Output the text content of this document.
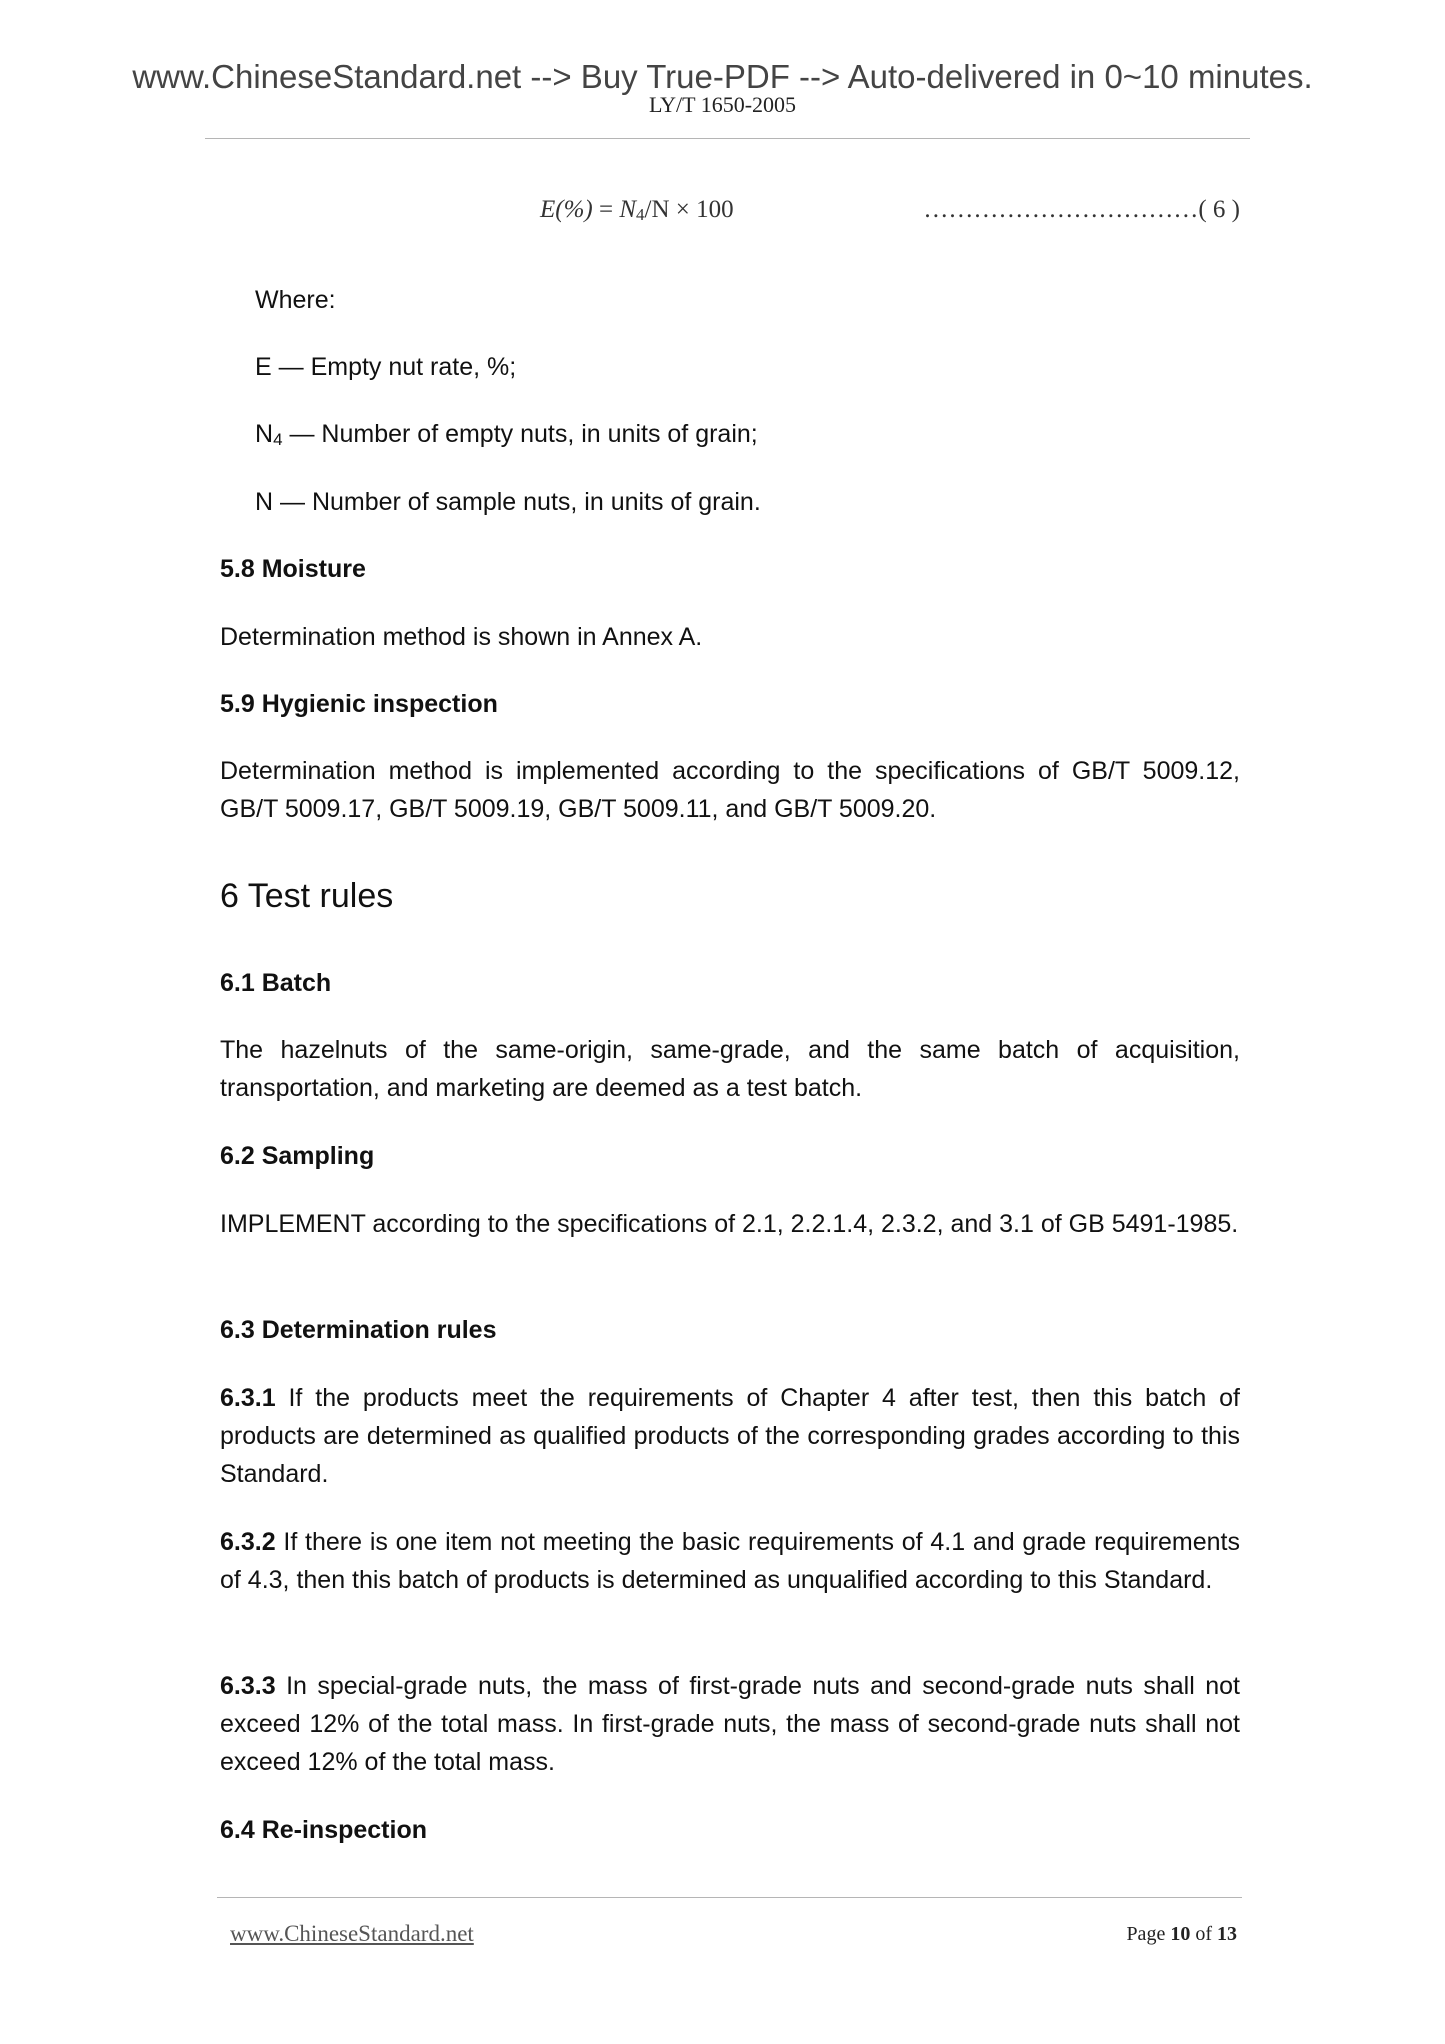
www.ChineseStandard.net --> Buy True-PDF --> Auto-delivered in 0~10 minutes.
LY/T 1650-2005
$E(\%) = N_4/N \times 100$	……………………………( 6 )
Where:
E — Empty nut rate, %;
$N_4$ — Number of empty nuts, in units of grain;
N — Number of sample nuts, in units of grain.
5.8 Moisture
Determination method is shown in Annex A.
5.9 Hygienic inspection
Determination method is implemented according to the specifications of GB/T 5009.12, GB/T 5009.17, GB/T 5009.19, GB/T 5009.11, and GB/T 5009.20.
6 Test rules
6.1 Batch
The hazelnuts of the same-origin, same-grade, and the same batch of acquisition, transportation, and marketing are deemed as a test batch.
6.2 Sampling
IMPLEMENT according to the specifications of 2.1, 2.2.1.4, 2.3.2, and 3.1 of GB 5491-1985.
6.3 Determination rules
6.3.1 If the products meet the requirements of Chapter 4 after test, then this batch of products are determined as qualified products of the corresponding grades according to this Standard.
6.3.2 If there is one item not meeting the basic requirements of 4.1 and grade requirements of 4.3, then this batch of products is determined as unqualified according to this Standard.
6.3.3 In special-grade nuts, the mass of first-grade nuts and second-grade nuts shall not exceed 12% of the total mass. In first-grade nuts, the mass of second-grade nuts shall not exceed 12% of the total mass.
6.4 Re-inspection
www.ChineseStandard.net	Page 10 of 13
